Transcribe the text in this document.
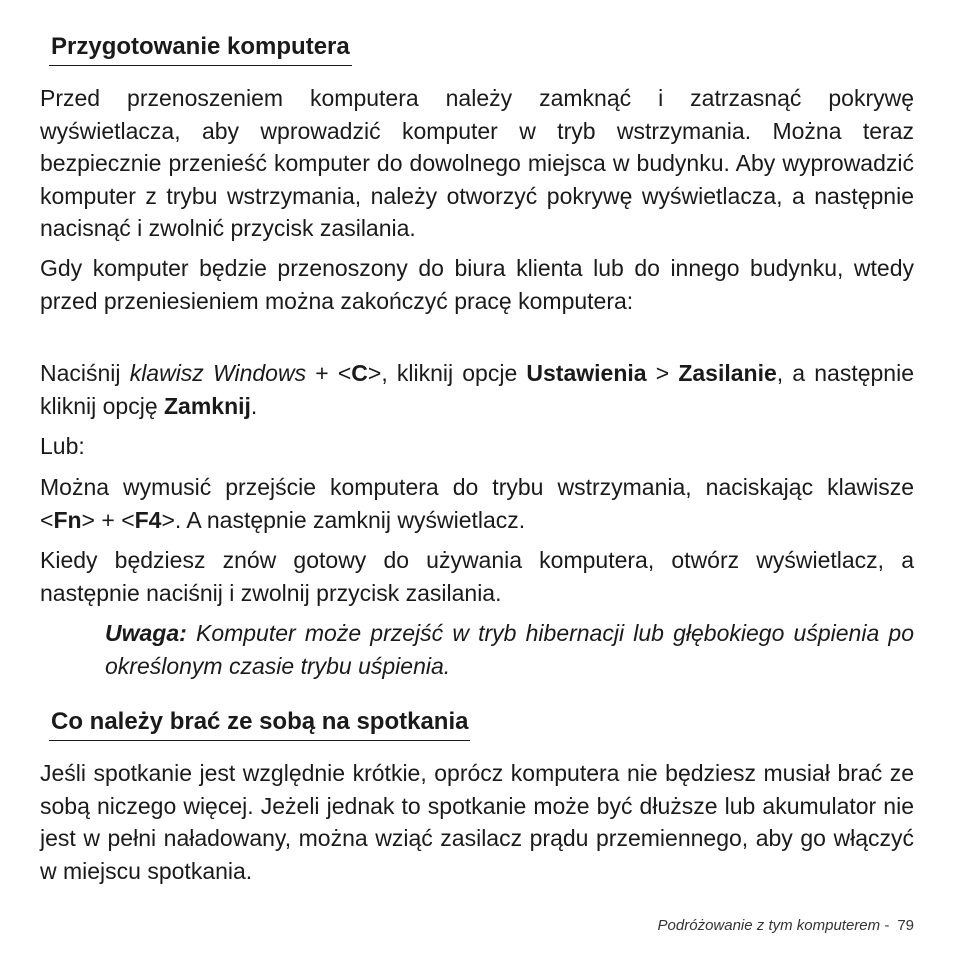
Przygotowanie komputera

Przed przenoszeniem komputera należy zamknąć i zatrzasnąć pokrywę wyświetlacza, aby wprowadzić komputer w tryb wstrzymania. Można teraz bezpiecznie przenieść komputer do dowolnego miejsca w budynku. Aby wyprowadzić komputer z trybu wstrzymania, należy otworzyć pokrywę wyświetlacza, a następnie nacisnąć i zwolnić przycisk zasilania.

Gdy komputer będzie przenoszony do biura klienta lub do innego budynku, wtedy przed przeniesieniem można zakończyć pracę komputera:

Naciśnij klawisz Windows + <C>, kliknij opcje Ustawienia > Zasilanie, a następnie kliknij opcję Zamknij.

Lub:

Można wymusić przejście komputera do trybu wstrzymania, naciskając klawisze <Fn> + <F4>. A następnie zamknij wyświetlacz.

Kiedy będziesz znów gotowy do używania komputera, otwórz wyświetlacz, a następnie naciśnij i zwolnij przycisk zasilania.

Uwaga: Komputer może przejść w tryb hibernacji lub głębokiego uśpienia po określonym czasie trybu uśpienia.

Co należy brać ze sobą na spotkania

Jeśli spotkanie jest względnie krótkie, oprócz komputera nie będziesz musiał brać ze sobą niczego więcej. Jeżeli jednak to spotkanie może być dłuższe lub akumulator nie jest w pełni naładowany, można wziąć zasilacz prądu przemiennego, aby go włączyć w miejscu spotkania.

Podróżowanie z tym komputerem - 79
